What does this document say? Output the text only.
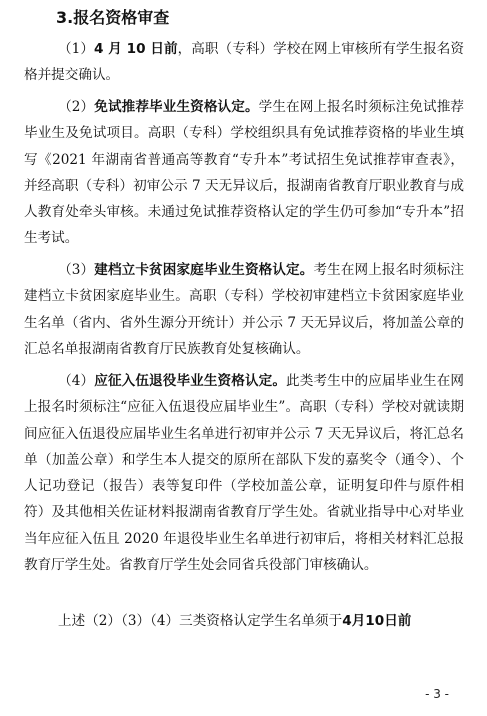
3.报名资格审查

（1）4 月 10 日前，高职（专科）学校在网上审核所有学生报名资格并提交确认。

（2）免试推荐毕业生资格认定。学生在网上报名时须标注免试推荐毕业生及免试项目。高职（专科）学校组织具有免试推荐资格的毕业生填写《2021 年湖南省普通高等教育“专升本”考试招生免试推荐审查表》，并经高职（专科）初审公示 7 天无异议后，报湖南省教育厅职业教育与成人教育处牵头审核。未通过免试推荐资格认定的学生仍可参加“专升本”招生考试。

（3）建档立卡贫困家庭毕业生资格认定。考生在网上报名时须标注建档立卡贫困家庭毕业生。高职（专科）学校初审建档立卡贫困家庭毕业生名单（省内、省外生源分开统计）并公示 7 天无异议后，将加盖公章的汇总名单报湖南省教育厅民族教育处复核确认。

（4）应征入伍退役毕业生资格认定。此类考生中的应届毕业生在网上报名时须标注“应征入伍退役应届毕业生”。高职（专科）学校对就读期间应征入伍退役应届毕业生名单进行初审并公示 7 天无异议后，将汇总名单（加盖公章）和学生本人提交的原所在部队下发的嘉奖令（通令）、个人记功登记（报告）表等复印件（学校加盖公章，证明复印件与原件相符）及其他相关佐证材料报湖南省教育厅学生处。省就业指导中心对毕业当年应征入伍且 2020 年退役毕业生名单进行初审后，将相关材料汇总报教育厅学生处。省教育厅学生处会同省兵役部门审核确认。

上述（2）（3）（4）三类资格认定学生名单须于4月10日前

- 3 -
